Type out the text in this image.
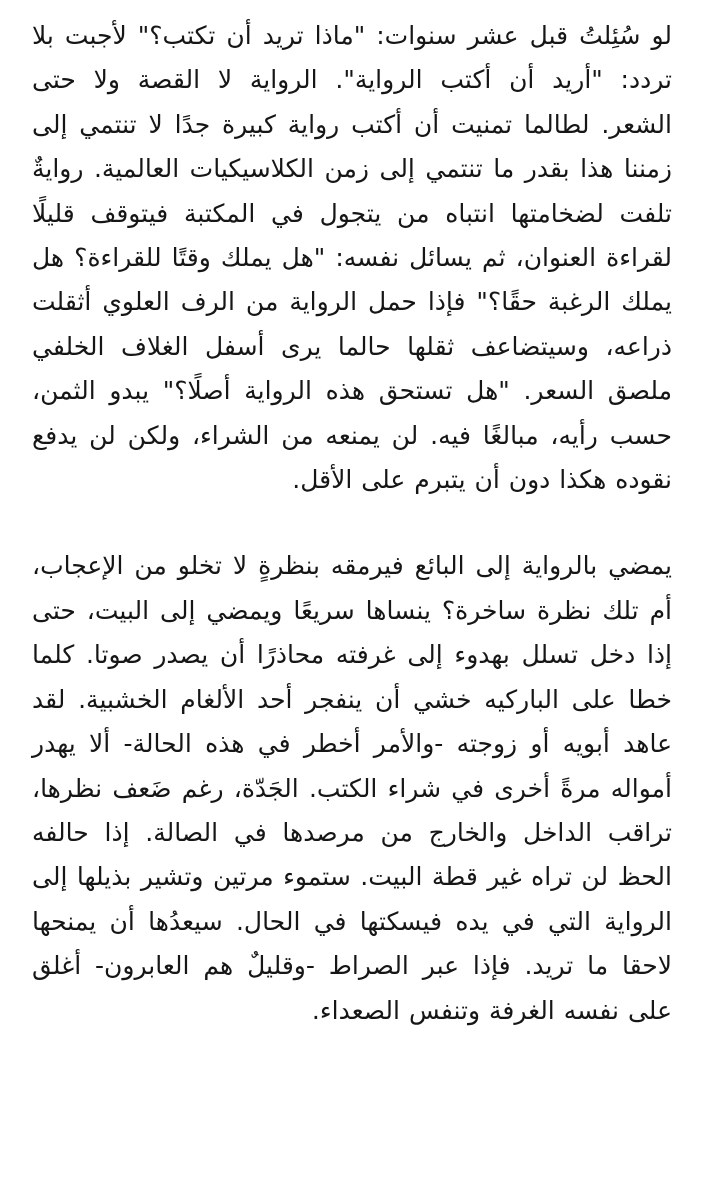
لو سُئِلتُ قبل عشر سنوات: "ماذا تريد أن تكتب؟" لأجبت بلا تردد: "أريد أن أكتب الرواية". الرواية لا القصة ولا حتى الشعر. لطالما تمنيت أن أكتب رواية كبيرة جدًا لا تنتمي إلى زمننا هذا بقدر ما تنتمي إلى زمن الكلاسيكيات العالمية. روايةٌ تلفت لضخامتها انتباه من يتجول في المكتبة فيتوقف قليلًا لقراءة العنوان، ثم يسائل نفسه: "هل يملك وقتًا للقراءة؟ هل يملك الرغبة حقًا؟" فإذا حمل الرواية من الرف العلوي أثقلت ذراعه، وسيتضاعف ثقلها حالما يرى أسفل الغلاف الخلفي ملصق السعر. "هل تستحق هذه الرواية أصلًا؟" يبدو الثمن، حسب رأيه، مبالغًا فيه. لن يمنعه من الشراء، ولكن لن يدفع نقوده هكذا دون أن يتبرم على الأقل.

يمضي بالرواية إلى البائع فيرمقه بنظرةٍ لا تخلو من الإعجاب، أم تلك نظرة ساخرة؟ ينساها سريعًا ويمضي إلى البيت، حتى إذا دخل تسلل بهدوء إلى غرفته محاذرًا أن يصدر صوتا. كلما خطا على الباركيه خشي أن ينفجر أحد الألغام الخشبية. لقد عاهد أبويه أو زوجته -والأمر أخطر في هذه الحالة- ألا يهدر أمواله مرةً أخرى في شراء الكتب. الجَدّة، رغم ضَعف نظرها، تراقب الداخل والخارج من مرصدها في الصالة. إذا حالفه الحظ لن تراه غير قطة البيت. ستموء مرتين وتشير بذيلها إلى الرواية التي في يده فيسكتها في الحال. سيعدُها أن يمنحها لاحقا ما تريد. فإذا عبر الصراط -وقليلٌ هم العابرون- أغلق على نفسه الغرفة وتنفس الصعداء.
